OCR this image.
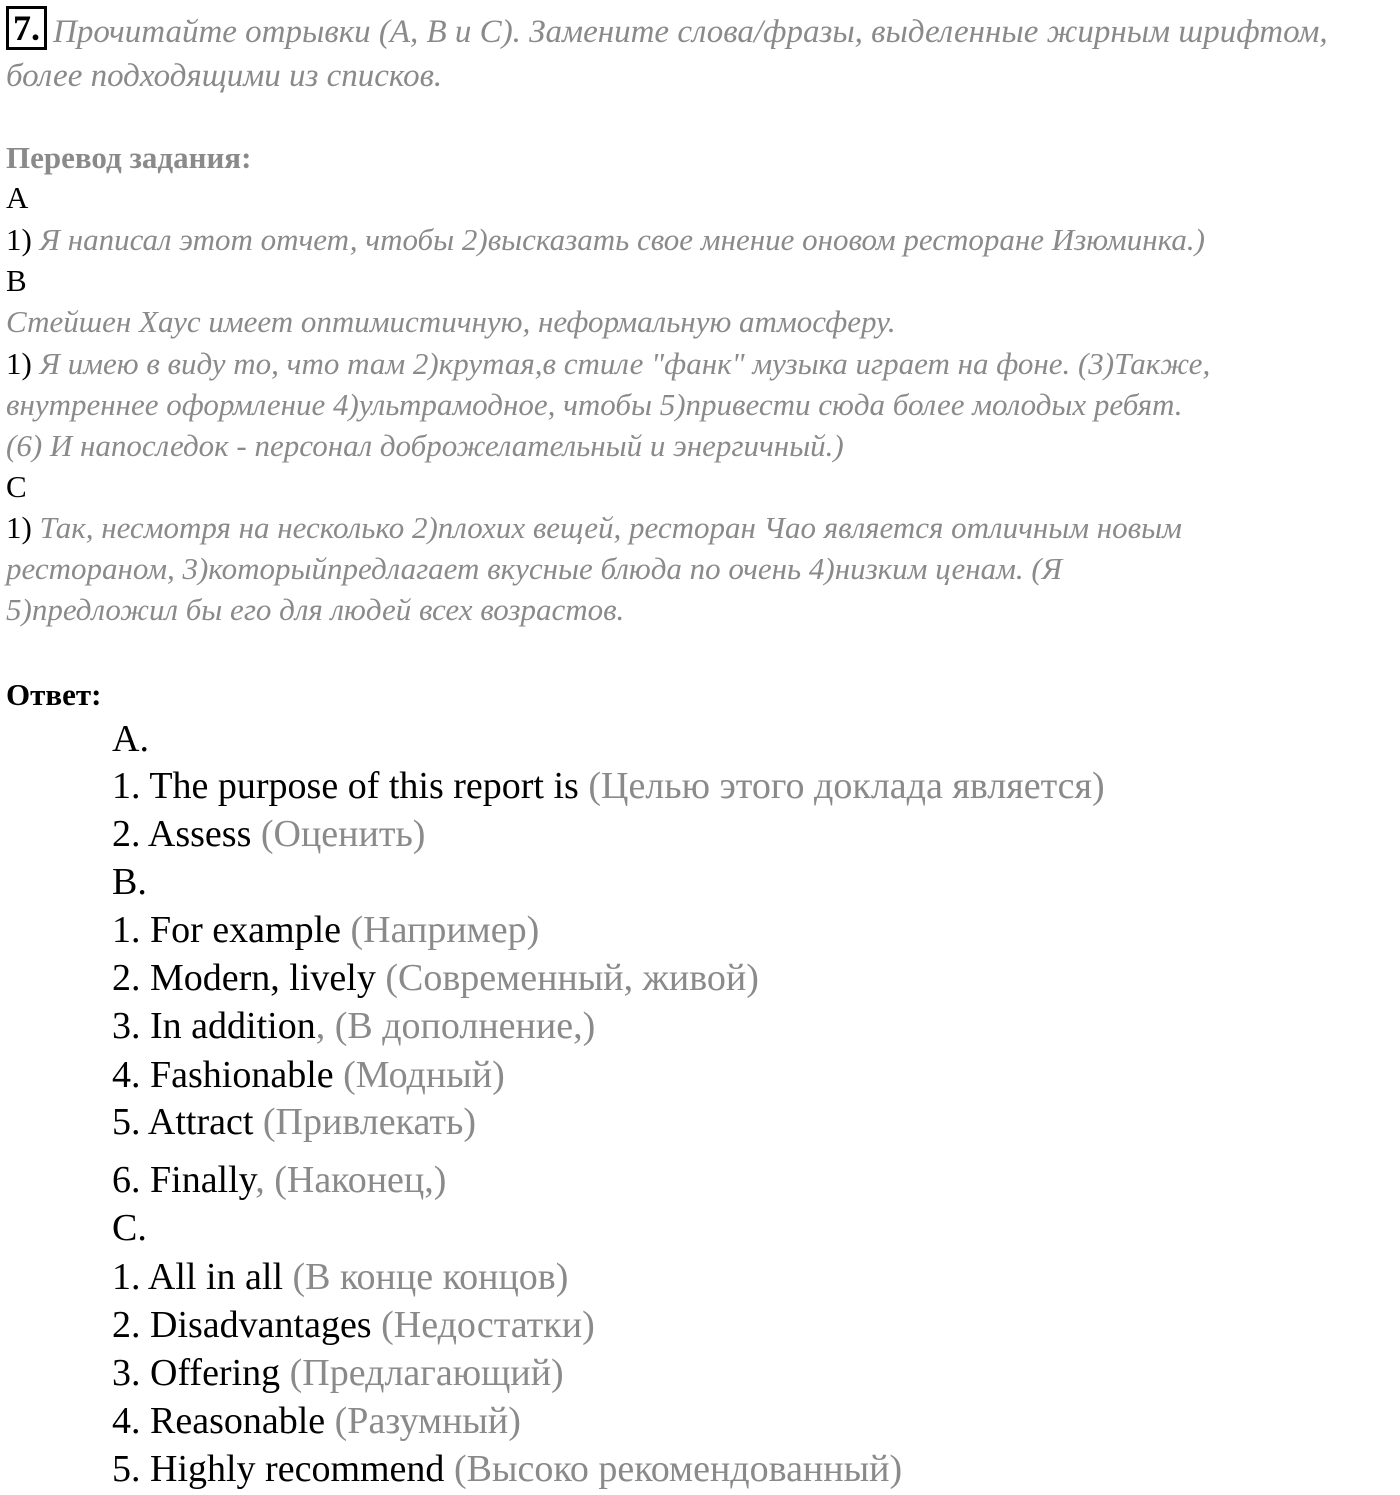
7. Прочитайте отрывки (A, B и C). Замените слова/фразы, выделенные жирным шрифтом, более подходящими из списков.
Перевод задания:
A
1) Я написал этот отчет, чтобы 2)высказать свое мнение оновом ресторане Изюминка.)
B
Стейшен Хаус имеет оптимистичную, неформальную атмосферу.
1) Я имею в виду то, что там 2)крутая,в стиле "фанк" музыка играет на фоне. (3)Также,
внутреннее оформление 4)ультрамодное, чтобы 5)привести сюда более молодых ребят.
(6) И напоследок - персонал доброжелательный и энергичный.)
C
1) Так, несмотря на несколько 2)плохих вещей, ресторан Чао является отличным новым
рестораном, 3)которыйпредлагает вкусные блюда по очень 4)низким ценам. (Я
5)предложил бы его для людей всех возрастов.
Ответ:
A.
1. The purpose of this report is (Целью этого доклада является)
2. Assess (Оценить)
B.
1. For example (Например)
2. Modern, lively (Современный, живой)
3. In addition, (В дополнение,)
4. Fashionable (Модный)
5. Attract (Привлекать)
6. Finally, (Наконец,)
C.
1. All in all (В конце концов)
2. Disadvantages (Недостатки)
3. Offering (Предлагающий)
4. Reasonable (Разумный)
5. Highly recommend (Высоко рекомендованный)
